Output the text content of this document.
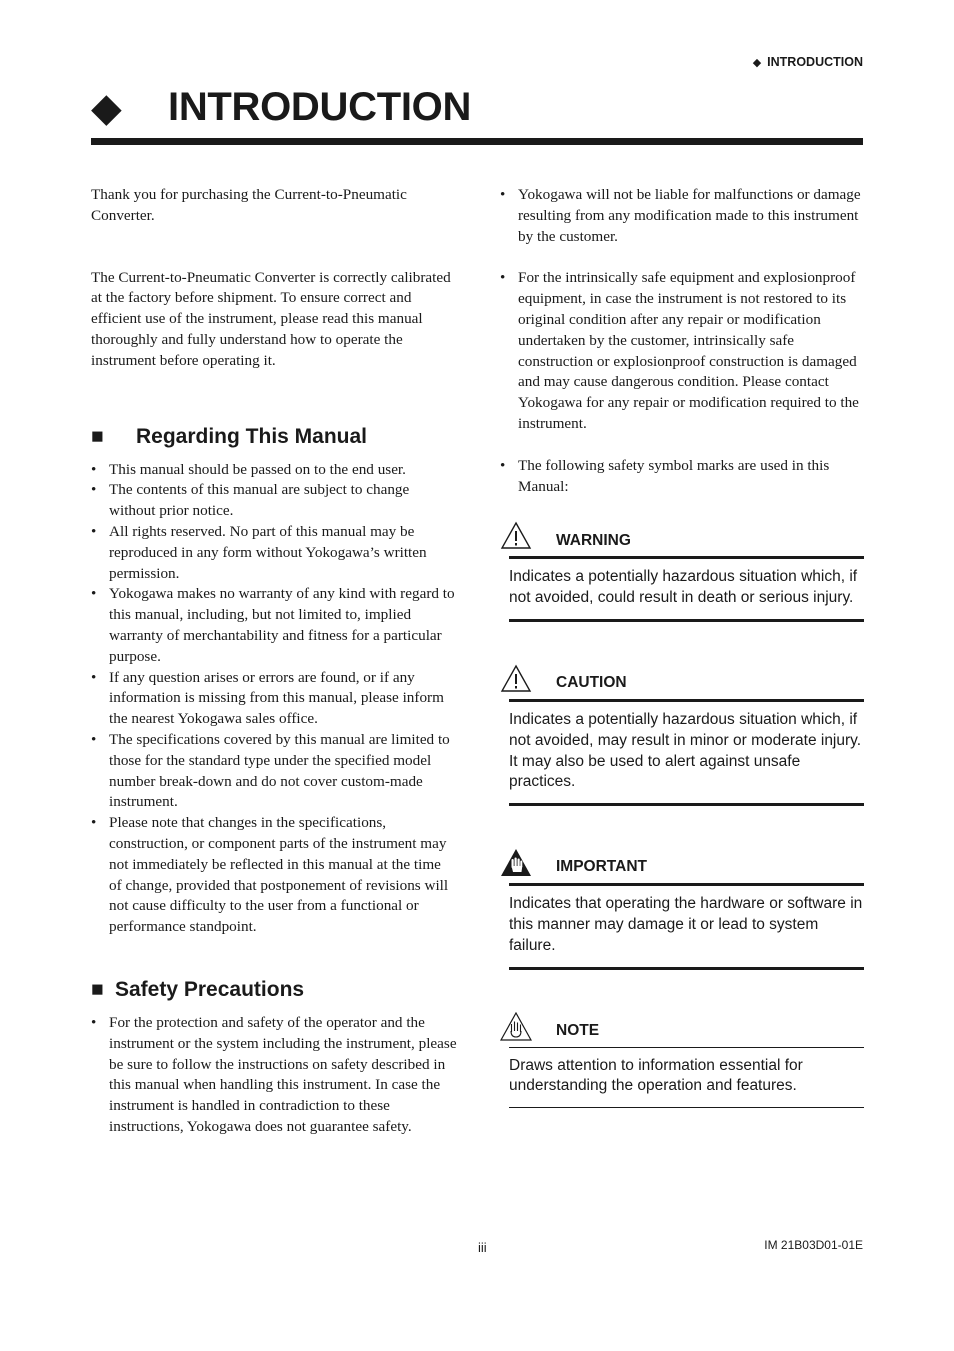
◆ INTRODUCTION
◆ INTRODUCTION

Thank you for purchasing the Current-to-Pneumatic Converter.

The Current-to-Pneumatic Converter is correctly calibrated at the factory before shipment. To ensure correct and efficient use of the instrument, please read this manual thoroughly and fully understand how to operate the instrument before operating it.

■ Regarding This Manual
• This manual should be passed on to the end user.
• The contents of this manual are subject to change without prior notice.
• All rights reserved. No part of this manual may be reproduced in any form without Yokogawa’s written permission.
• Yokogawa makes no warranty of any kind with regard to this manual, including, but not limited to, implied warranty of merchantability and fitness for a particular purpose.
• If any question arises or errors are found, or if any information is missing from this manual, please inform the nearest Yokogawa sales office.
• The specifications covered by this manual are limited to those for the standard type under the specified model number break-down and do not cover custom-made instrument.
• Please note that changes in the specifications, construction, or component parts of the instrument may not immediately be reflected in this manual at the time of change, provided that postponement of revisions will not cause difficulty to the user from a functional or performance standpoint.
■ Safety Precautions
• For the protection and safety of the operator and the instrument or the system including the instrument, please be sure to follow the instructions on safety described in this manual when handling this instrument. In case the instrument is handled in contradiction to these instructions, Yokogawa does not guarantee safety.
• Yokogawa will not be liable for malfunctions or damage resulting from any modification made to this instrument by the customer.
• For the intrinsically safe equipment and explosionproof equipment, in case the instrument is not restored to its original condition after any repair or modification undertaken by the customer, intrinsically safe construction or explosionproof construction is damaged and may cause dangerous condition. Please contact Yokogawa for any repair or modification required to the instrument.
• The following safety symbol marks are used in this Manual:
WARNING
Indicates a potentially hazardous situation which, if not avoided, could result in death or serious injury.
CAUTION
Indicates a potentially hazardous situation which, if not avoided, may result in minor or moderate injury. It may also be used to alert against unsafe practices.
IMPORTANT
Indicates that operating the hardware or software in this manner may damage it or lead to system failure.
NOTE
Draws attention to information essential for understanding the operation and features.
iii	IM 21B03D01-01E
